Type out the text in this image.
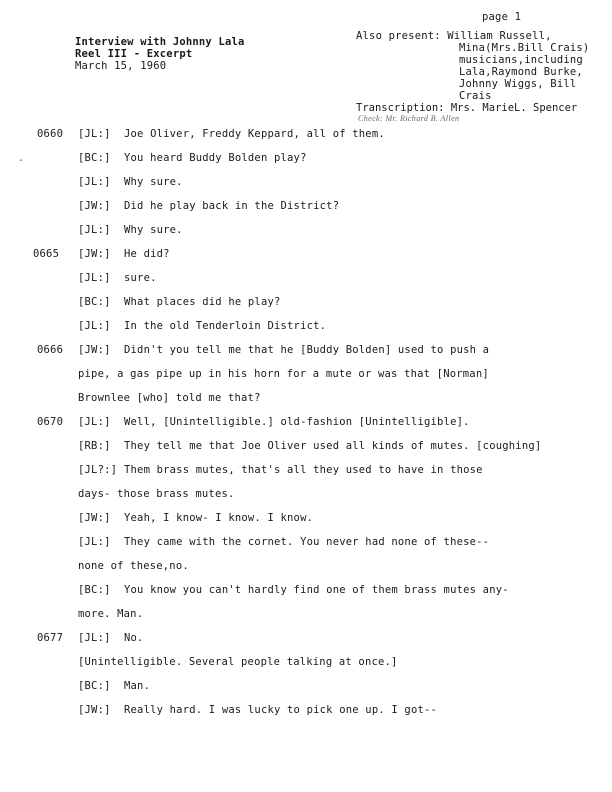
page 1
Interview with Johnny Lala
Reel III - Excerpt
March 15, 1960
Also present: William Russell,
Mina(Mrs.Bill Crais)
musicians,including
Lala,Raymond Burke,
Johnny Wiggs, Bill
Crais
Transcription: Mrs. MarieL. Spencer
Check: Mr. Richard B. Allen
-
0660 [JL:] Joe Oliver, Freddy Keppard, all of them.
[BC:] You heard Buddy Bolden play?
[JL:] Why sure.
[JW:] Did he play back in the District?
[JL:] Why sure.
0665 [JW:] He did?
[JL:] sure.
[BC:] What places did he play?
[JL:] In the old Tenderloin District.
0666 [JW:] Didn't you tell me that he [Buddy Bolden] used to push a
pipe, a gas pipe up in his horn for a mute or was that [Norman]
Brownlee [who] told me that?
0670 [JL:] Well, [Unintelligible.] old-fashion [Unintelligible].
[RB:] They tell me that Joe Oliver used all kinds of mutes. [coughing]
[JL?:] Them brass mutes, that's all they used to have in those
days- those brass mutes.
[JW:] Yeah, I know- I know. I know.
[JL:] They came with the cornet. You never had none of these--
none of these,no.
[BC:] You know you can't hardly find one of them brass mutes any-
more. Man.
0677 [JL:] No.
[Unintelligible. Several people talking at once.]
[BC:] Man.
[JW:] Really hard. I was lucky to pick one up. I got--
